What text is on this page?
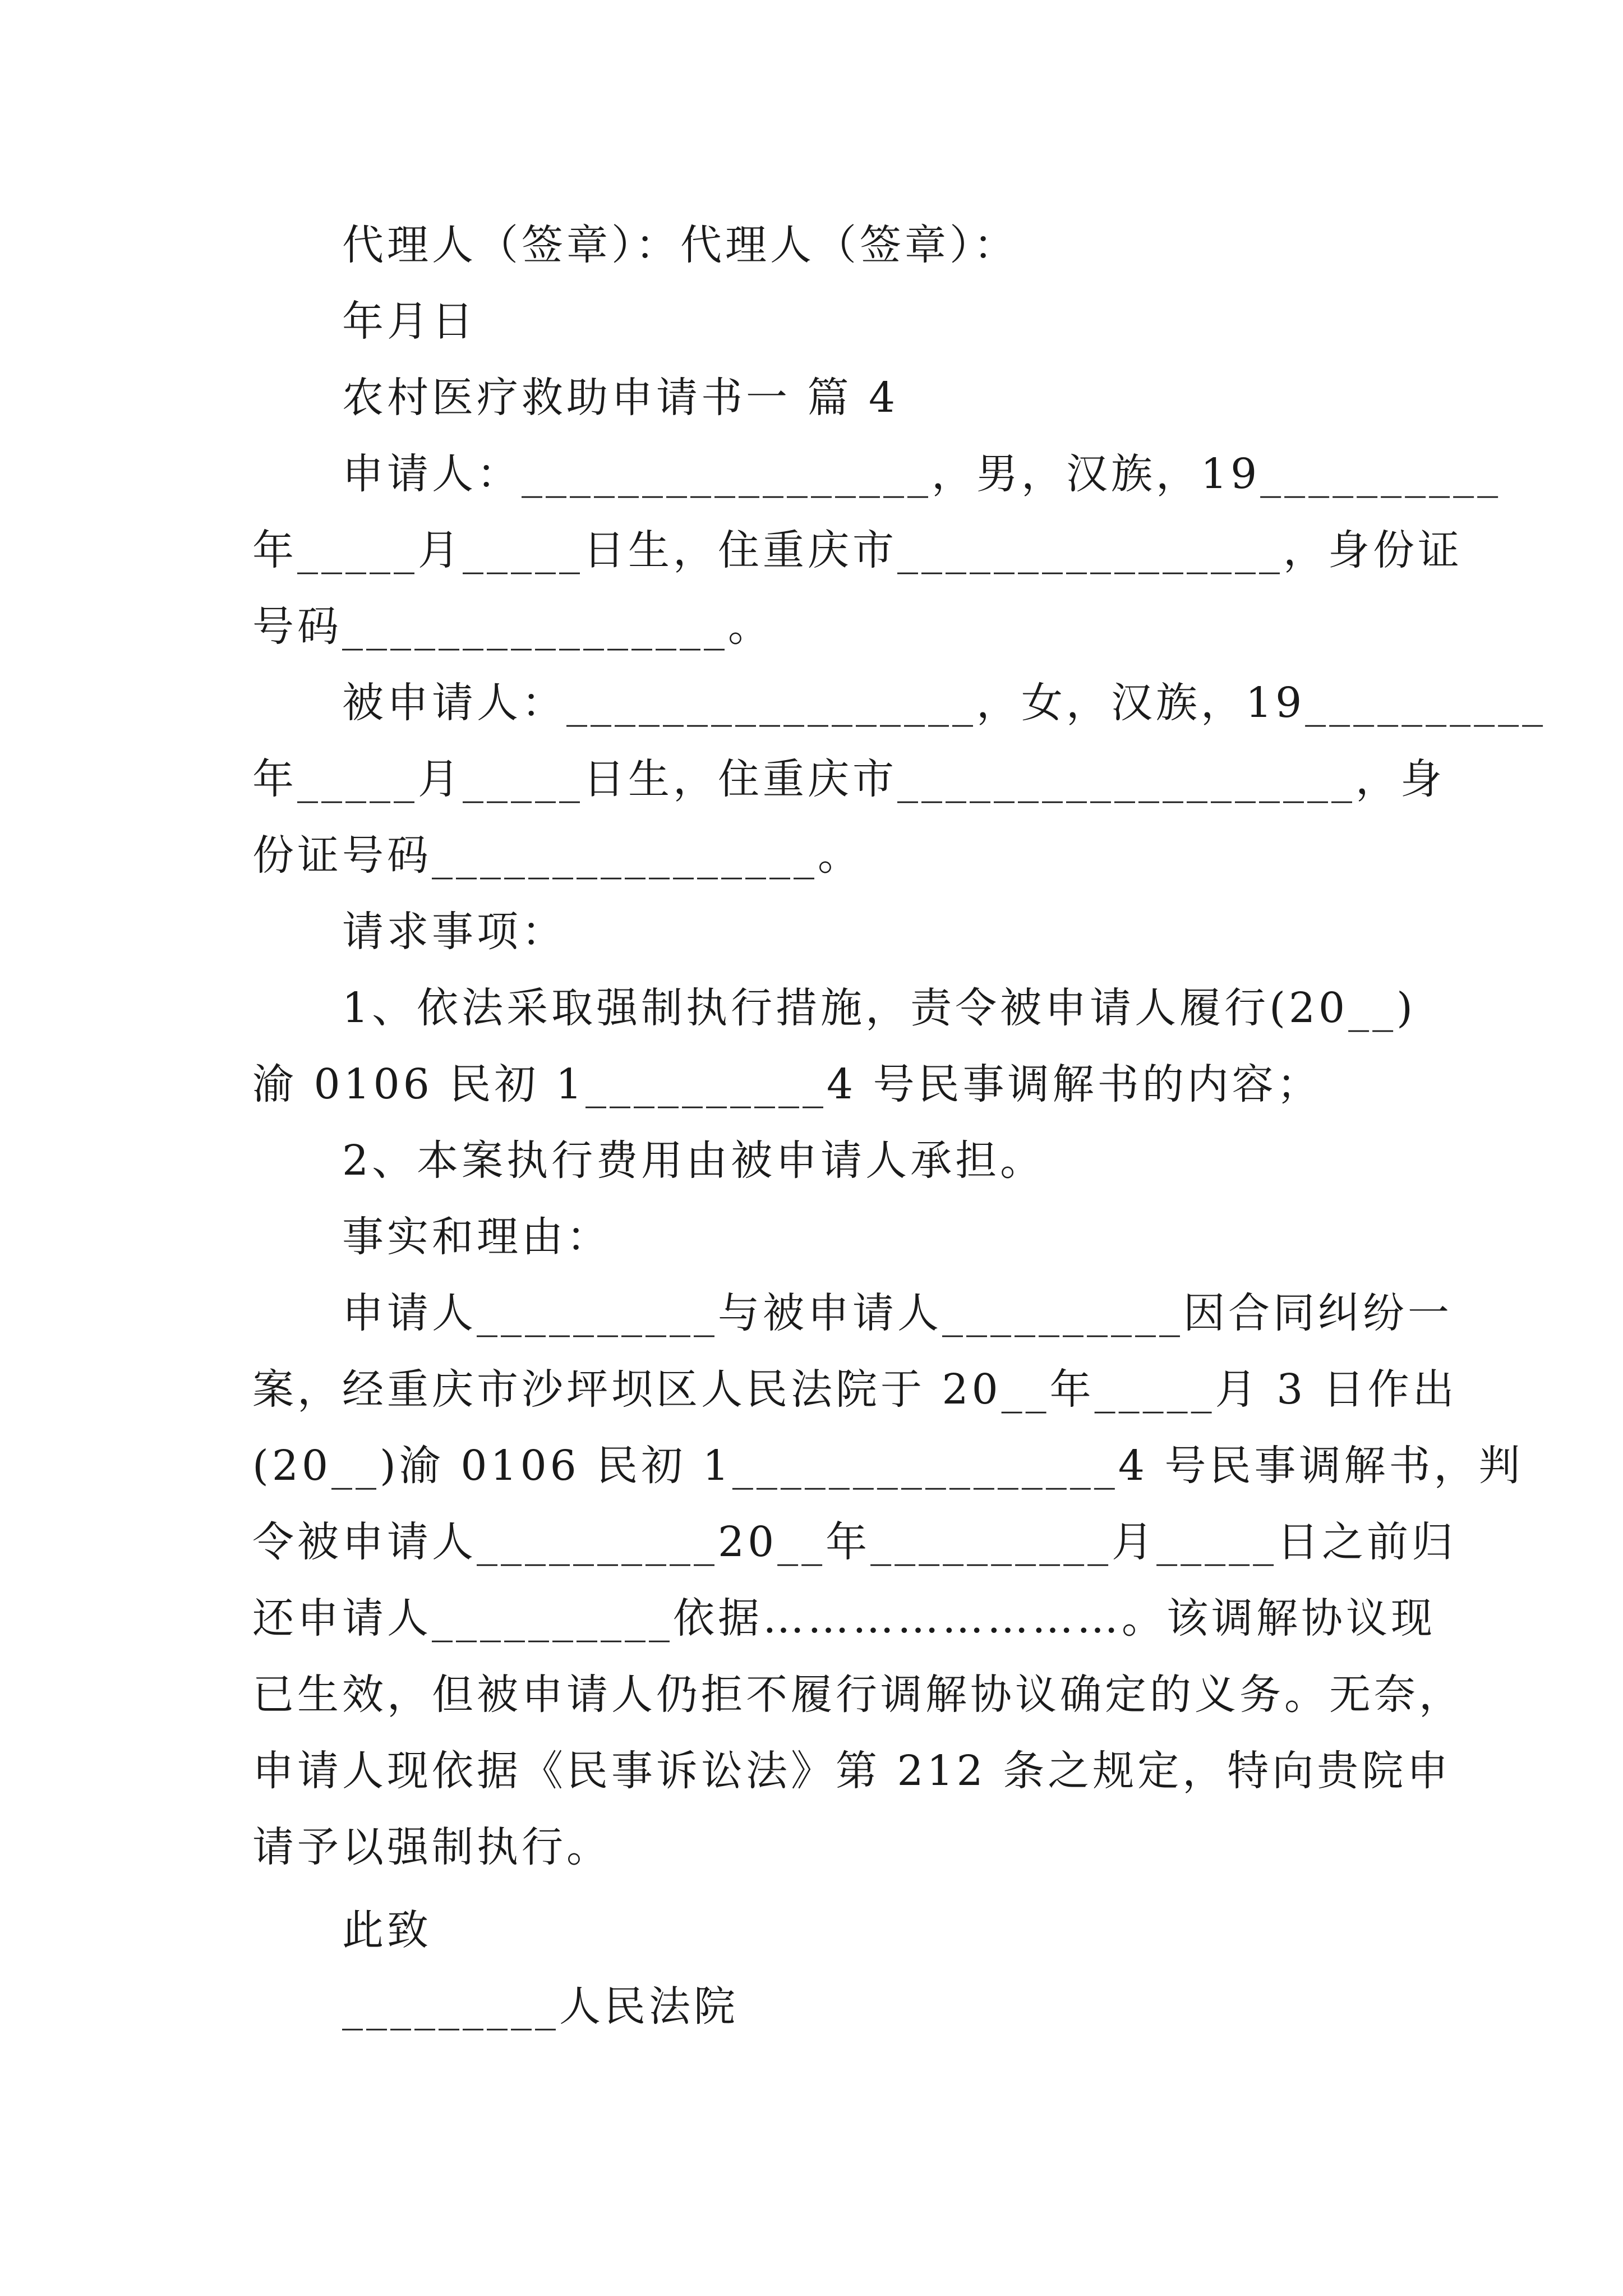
代理人（签章）：代理人（签章）：
年月日
农村医疗救助申请书一 篇 4
申请人：_________________，男，汉族，19__________
年_____月_____日生，住重庆市________________，身份证
号码________________。
被申请人：_________________，女，汉族，19__________
年_____月_____日生，住重庆市___________________，身
份证号码________________。
请求事项：
1、依法采取强制执行措施，责令被申请人履行(20__)
渝 0106 民初 1__________4 号民事调解书的内容；
2、本案执行费用由被申请人承担。
事实和理由：
申请人__________与被申请人__________因合同纠纷一
案，经重庆市沙坪坝区人民法院于 20__年_____月 3 日作出
(20__)渝 0106 民初 1________________4 号民事调解书，判
令被申请人__________20__年__________月_____日之前归
还申请人__________依据……………………。该调解协议现
已生效，但被申请人仍拒不履行调解协议确定的义务。无奈，
申请人现依据《民事诉讼法》第 212 条之规定，特向贵院申
请予以强制执行。
此致
_________人民法院
